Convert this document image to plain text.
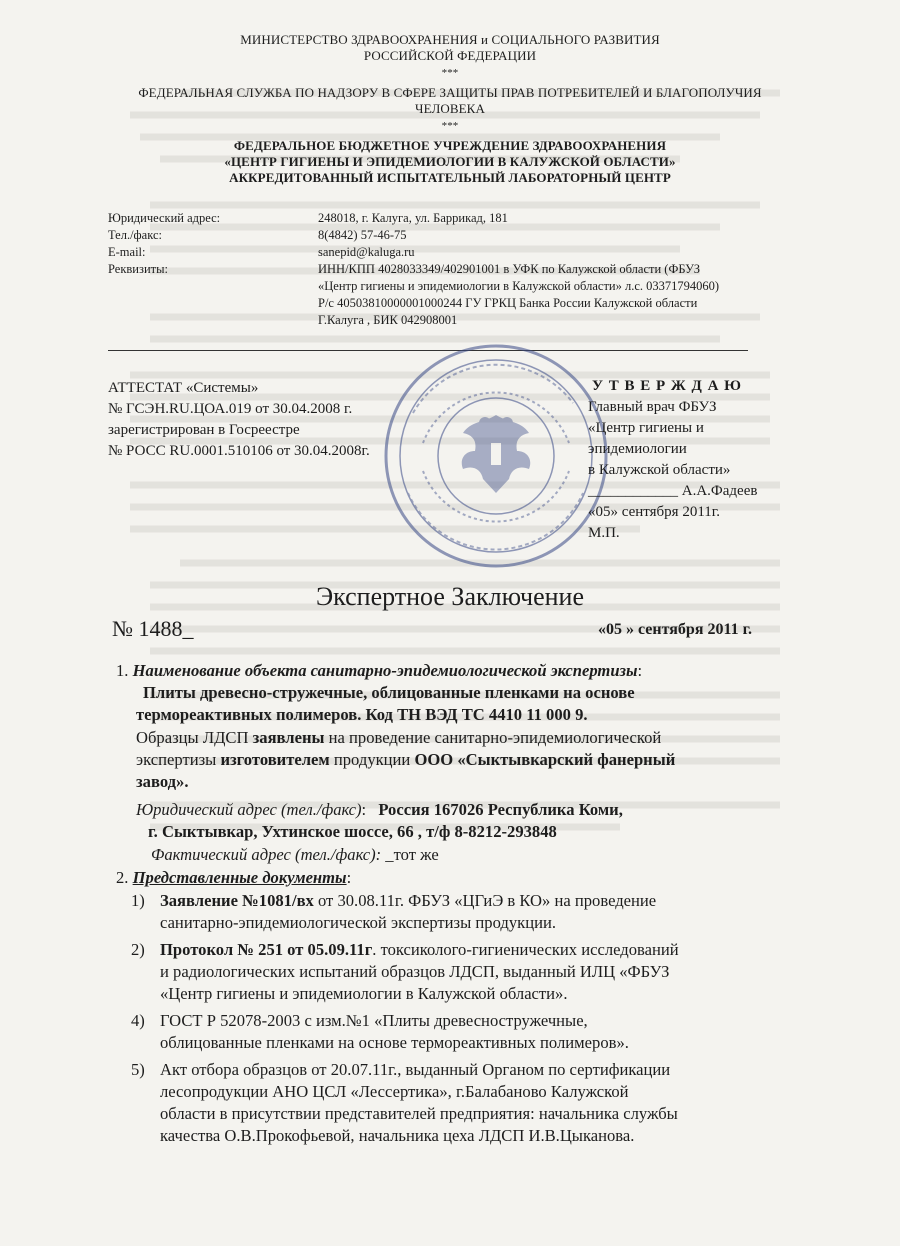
МИНИСТЕРСТВО ЗДРАВООХРАНЕНИЯ и СОЦИАЛЬНОГО РАЗВИТИЯ
РОССИЙСКОЙ ФЕДЕРАЦИИ
***
ФЕДЕРАЛЬНАЯ СЛУЖБА ПО НАДЗОРУ В СФЕРЕ ЗАЩИТЫ ПРАВ ПОТРЕБИТЕЛЕЙ И БЛАГОПОЛУЧИЯ
ЧЕЛОВЕКА
***
ФЕДЕРАЛЬНОЕ БЮДЖЕТНОЕ УЧРЕЖДЕНИЕ ЗДРАВООХРАНЕНИЯ
«ЦЕНТР ГИГИЕНЫ И ЭПИДЕМИОЛОГИИ В КАЛУЖСКОЙ ОБЛАСТИ»
АККРЕДИТОВАННЫЙ ИСПЫТАТЕЛЬНЫЙ ЛАБОРАТОРНЫЙ ЦЕНТР
Юридический адрес:	248018, г. Калуга, ул. Баррикад, 181
Тел./факс:	8(4842) 57-46-75
E-mail:	sanepid@kaluga.ru
Реквизиты:	ИНН/КПП 4028033349/402901001 в УФК по Калужской области (ФБУЗ
«Центр гигиены и эпидемиологии в Калужской области» л.с. 03371794060)
Р/с 40503810000001000244 ГУ ГРКЦ Банка России Калужской области
Г.Калуга , БИК 042908001
АТТЕСТАТ «Системы»
№ ГСЭН.RU.ЦОА.019 от 30.04.2008 г.
зарегистрирован в Госреестре
№ РОСС RU.0001.510106 от 30.04.2008г.
У Т В Е Р Ж Д А Ю
Главный врач ФБУЗ
«Центр гигиены и
эпидемиологии
в Калужской области»
____________ А.А.Фадеев
«05» сентября 2011г.
М.П.
Экспертное Заключение
№ 1488_	«05 » сентября 2011 г.
1. Наименование объекта санитарно-эпидемиологической экспертизы:
Плиты древесно-стружечные, облицованные пленками на основе
термореактивных полимеров. Код ТН ВЭД ТС 4410 11 000 9.
Образцы ЛДСП заявлены на проведение санитарно-эпидемиологической
экспертизы изготовителем продукции ООО «Сыктывкарский фанерный
завод».
Юридический адрес (тел./факс): Россия 167026 Республика Коми,
г. Сыктывкар, Ухтинское шоссе, 66 , т/ф 8-8212-293848
Фактический адрес (тел./факс): _тот же
2. Представленные документы:
1) Заявление №1081/вх от 30.08.11г. ФБУЗ «ЦГиЭ в КО» на проведение
санитарно-эпидемиологической экспертизы продукции.
2) Протокол № 251 от 05.09.11г. токсиколого-гигиенических исследований
и радиологических испытаний образцов ЛДСП, выданный ИЛЦ «ФБУЗ
«Центр гигиены и эпидемиологии в Калужской области».
4) ГОСТ Р 52078-2003 с изм.№1 «Плиты древесностружечные,
облицованные пленками на основе термореактивных полимеров».
5) Акт отбора образцов от 20.07.11г., выданный Органом по сертификации
лесопродукции АНО ЦСЛ «Лессертика», г.Балабаново Калужской
области в присутствии представителей предприятия: начальника службы
качества О.В.Прокофьевой, начальника цеха ЛДСП И.В.Цыканова.
